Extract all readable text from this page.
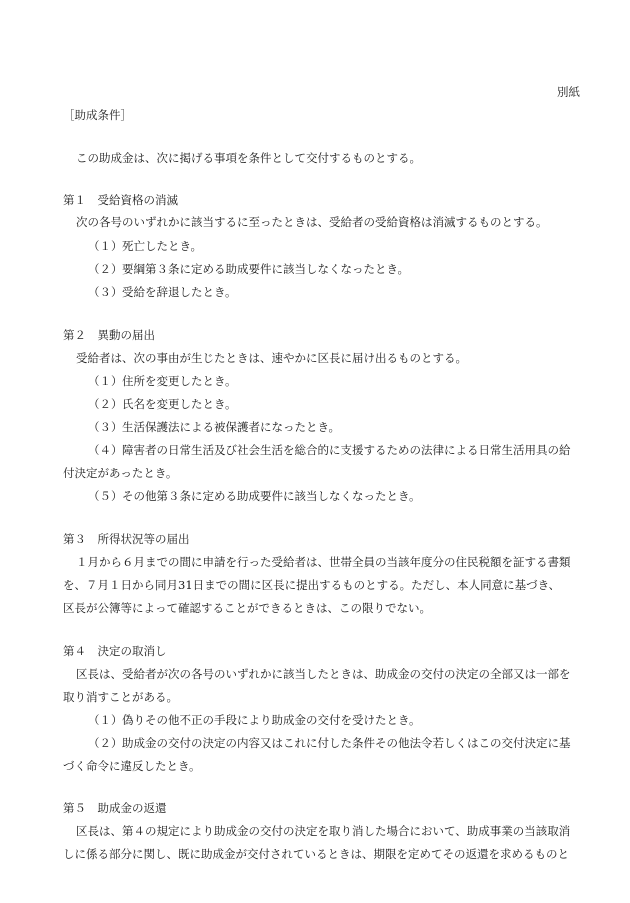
別紙
［助成条件］
この助成金は、次に掲げる事項を条件として交付するものとする。
第１　受給資格の消滅
次の各号のいずれかに該当するに至ったときは、受給者の受給資格は消滅するものとする。
（１）死亡したとき。
（２）要綱第３条に定める助成要件に該当しなくなったとき。
（３）受給を辞退したとき。
第２　異動の届出
受給者は、次の事由が生じたときは、速やかに区長に届け出るものとする。
（１）住所を変更したとき。
（２）氏名を変更したとき。
（３）生活保護法による被保護者になったとき。
（４）障害者の日常生活及び社会生活を総合的に支援するための法律による日常生活用具の給
付決定があったとき。
（５）その他第３条に定める助成要件に該当しなくなったとき。
第３　所得状況等の届出
１月から６月までの間に申請を行った受給者は、世帯全員の当該年度分の住民税額を証する書類
を、７月１日から同月31日までの間に区長に提出するものとする。ただし、本人同意に基づき、
区長が公簿等によって確認することができるときは、この限りでない。
第４　決定の取消し
区長は、受給者が次の各号のいずれかに該当したときは、助成金の交付の決定の全部又は一部を
取り消すことがある。
（１）偽りその他不正の手段により助成金の交付を受けたとき。
（２）助成金の交付の決定の内容又はこれに付した条件その他法令若しくはこの交付決定に基
づく命令に違反したとき。
第５　助成金の返還
区長は、第４の規定により助成金の交付の決定を取り消した場合において、助成事業の当該取消
しに係る部分に関し、既に助成金が交付されているときは、期限を定めてその返還を求めるものと
